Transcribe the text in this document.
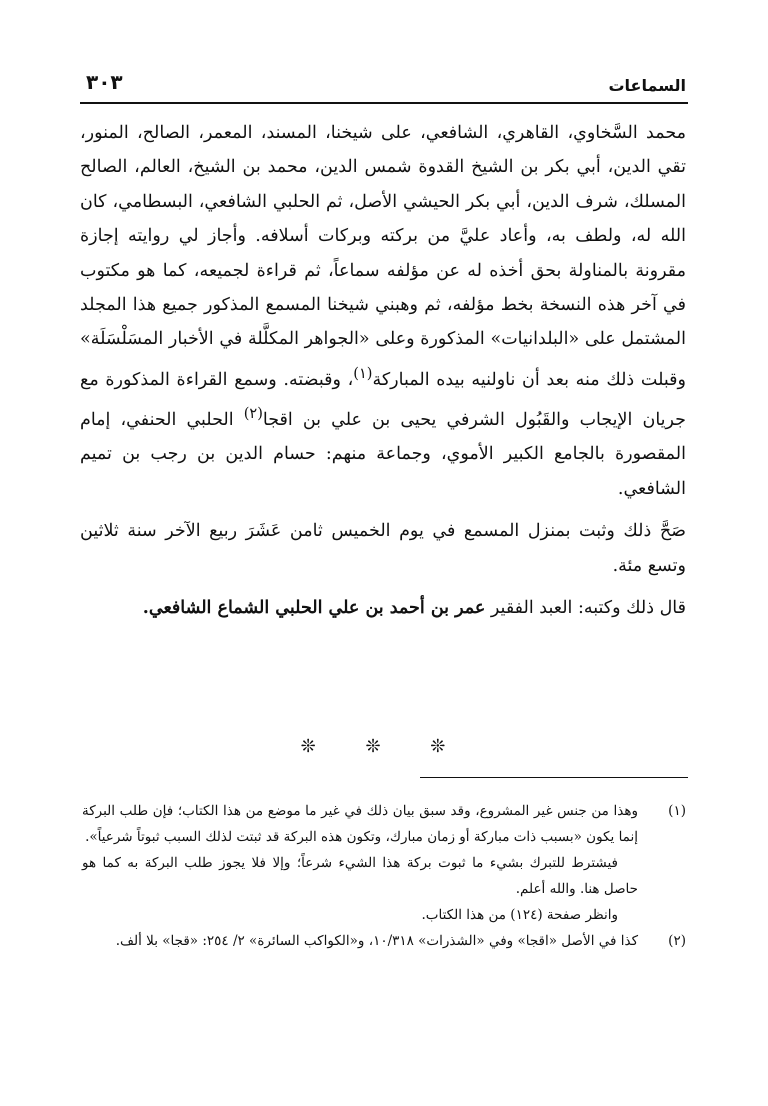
السماعات
٣٠٣

محمد السَّخاوي، القاهري، الشافعي، على شيخنا، المسند، المعمر، الصالح، المنور، تقي الدين، أبي بكر بن الشيخ القدوة شمس الدين، محمد بن الشيخ، العالم، الصالح المسلك، شرف الدين، أبي بكر الحيشي الأصل، ثم الحلبي الشافعي، البسطامي، كان الله له، ولطف به، وأعاد عليَّ من بركته وبركات أسلافه. وأجاز لي روايته إجازة مقرونة بالمناولة بحق أخذه له عن مؤلفه سماعاً، ثم قراءة لجميعه، كما هو مكتوب في آخر هذه النسخة بخط مؤلفه، ثم وهبني شيخنا المسمع المذكور جميع هذا المجلد المشتمل على «البلدانيات» المذكورة وعلى «الجواهر المكلَّلة في الأخبار المسَلْسَلَة» وقبلت ذلك منه بعد أن ناولنيه بيده المباركة$^{(١)}$، وقبضته. وسمع القراءة المذكورة مع جريان الإيجاب والقَبُول الشرفي يحيى بن علي بن اقجا$^{(٢)}$ الحلبي الحنفي، إمام المقصورة بالجامع الكبير الأموي، وجماعة منهم: حسام الدين بن رجب بن تميم الشافعي.

صَحَّ ذلك وثبت بمنزل المسمع في يوم الخميس ثامن عَشَرَ ربيع الآخر سنة ثلاثين وتسع مئة.

قال ذلك وكتبه: العبد الفقير عمر بن أحمد بن علي الحلبي الشماع الشافعي.

❊ ❊ ❊
(١)

وهذا من جنس غير المشروع، وقد سبق بيان ذلك في غير ما موضع من هذا الكتاب؛ فإن طلب البركة إنما يكون «بسبب ذات مباركة أو زمان مبارك، وتكون هذه البركة قد ثبتت لذلك السبب ثبوتاً شرعياً».

فيشترط للتبرك بشيء ما ثبوت بركة هذا الشيء شرعاً؛ وإلا فلا يجوز طلب البركة به كما هو حاصل هنا. والله أعلم.

وانظر صفحة (١٢٤) من هذا الكتاب.

(٢)

كذا في الأصل «اقجا» وفي «الشذرات» ١٠/٣١٨، و«الكواكب السائرة» ٢/ ٢٥٤: «قجا» بلا ألف.
